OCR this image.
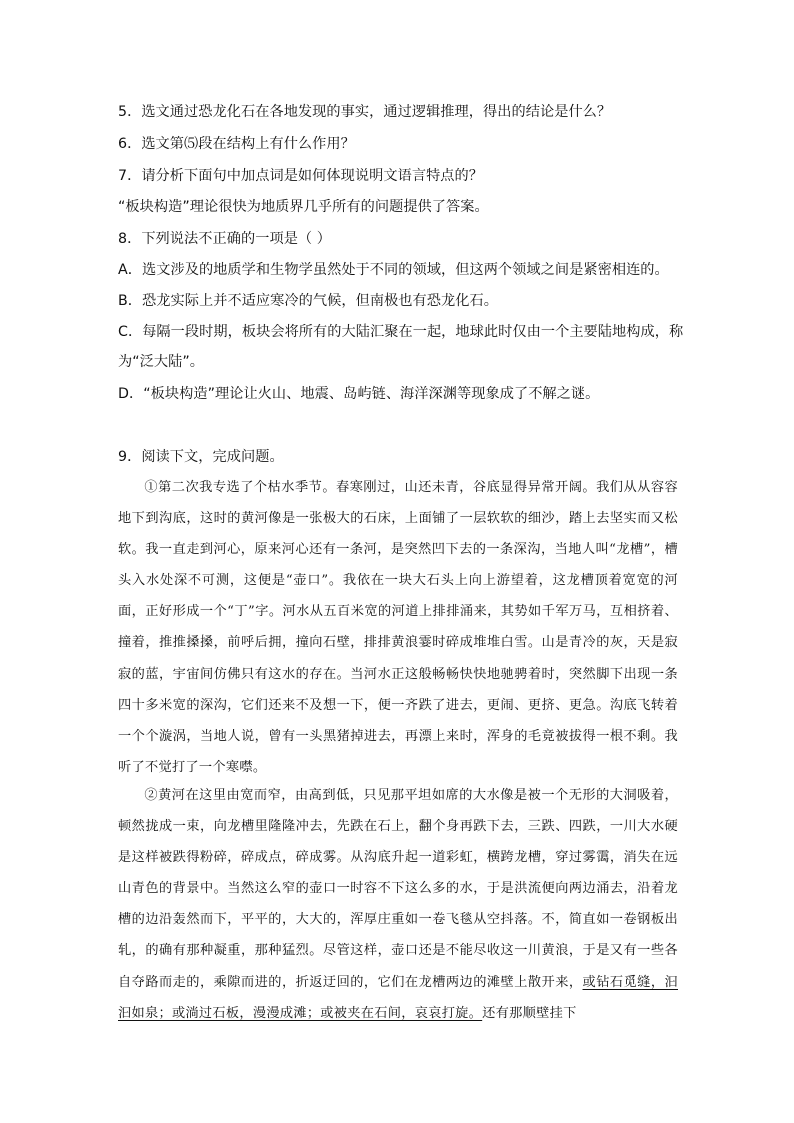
5．选文通过恐龙化石在各地发现的事实，通过逻辑推理，得出的结论是什么？
6．选文第⑸段在结构上有什么作用？
7．请分析下面句中加点词是如何体现说明文语言特点的？
“板块构造”理论很快为地质界几乎所有的问题提供了答案。
8．下列说法不正确的一项是（ ）
A．选文涉及的地质学和生物学虽然处于不同的领域，但这两个领域之间是紧密相连的。
B．恐龙实际上并不适应寒冷的气候，但南极也有恐龙化石。
C．每隔一段时期，板块会将所有的大陆汇聚在一起，地球此时仅由一个主要陆地构成，称
为“泛大陆”。
D．“板块构造”理论让火山、地震、岛屿链、海洋深渊等现象成了不解之谜。
9．阅读下文，完成问题。

①第二次我专选了个枯水季节。春寒刚过，山还未青，谷底显得异常开阔。我们从从容容地下到沟底，这时的黄河像是一张极大的石床，上面铺了一层软软的细沙，踏上去坚实而又松软。我一直走到河心，原来河心还有一条河，是突然凹下去的一条深沟，当地人叫“龙槽”，槽头入水处深不可测，这便是“壶口”。我依在一块大石头上向上游望着，这龙槽顶着宽宽的河面，正好形成一个“丁”字。河水从五百米宽的河道上排排涌来，其势如千军万马，互相挤着、撞着，推推搡搡，前呼后拥，撞向石壁，排排黄浪霎时碎成堆堆白雪。山是青冷的灰，天是寂寂的蓝，宇宙间仿佛只有这水的存在。当河水正这般畅畅快快地驰骋着时，突然脚下出现一条四十多米宽的深沟，它们还来不及想一下，便一齐跌了进去，更闹、更挤、更急。沟底飞转着一个个漩涡，当地人说，曾有一头黑猪掉进去，再漂上来时，浑身的毛竟被拔得一根不剩。我听了不觉打了一个寒噤。

②黄河在这里由宽而窄，由高到低，只见那平坦如席的大水像是被一个无形的大洞吸着，顿然拢成一束，向龙槽里隆隆冲去，先跌在石上，翻个身再跌下去，三跌、四跌，一川大水硬是这样被跌得粉碎，碎成点，碎成雾。从沟底升起一道彩虹，横跨龙槽，穿过雾霭，消失在远山青色的背景中。当然这么窄的壶口一时容不下这么多的水，于是洪流便向两边涌去，沿着龙槽的边沿轰然而下，平平的，大大的，浑厚庄重如一卷飞毯从空抖落。不，简直如一卷钢板出轧，的确有那种凝重，那种猛烈。尽管这样，壶口还是不能尽收这一川黄浪，于是又有一些各自夺路而走的，乘隙而进的，折返迂回的，它们在龙槽两边的滩壁上散开来，或钻石觅缝，汩汩如泉；或淌过石板，漫漫成滩；或被夹在石间，哀哀打旋。还有那顺壁挂下
